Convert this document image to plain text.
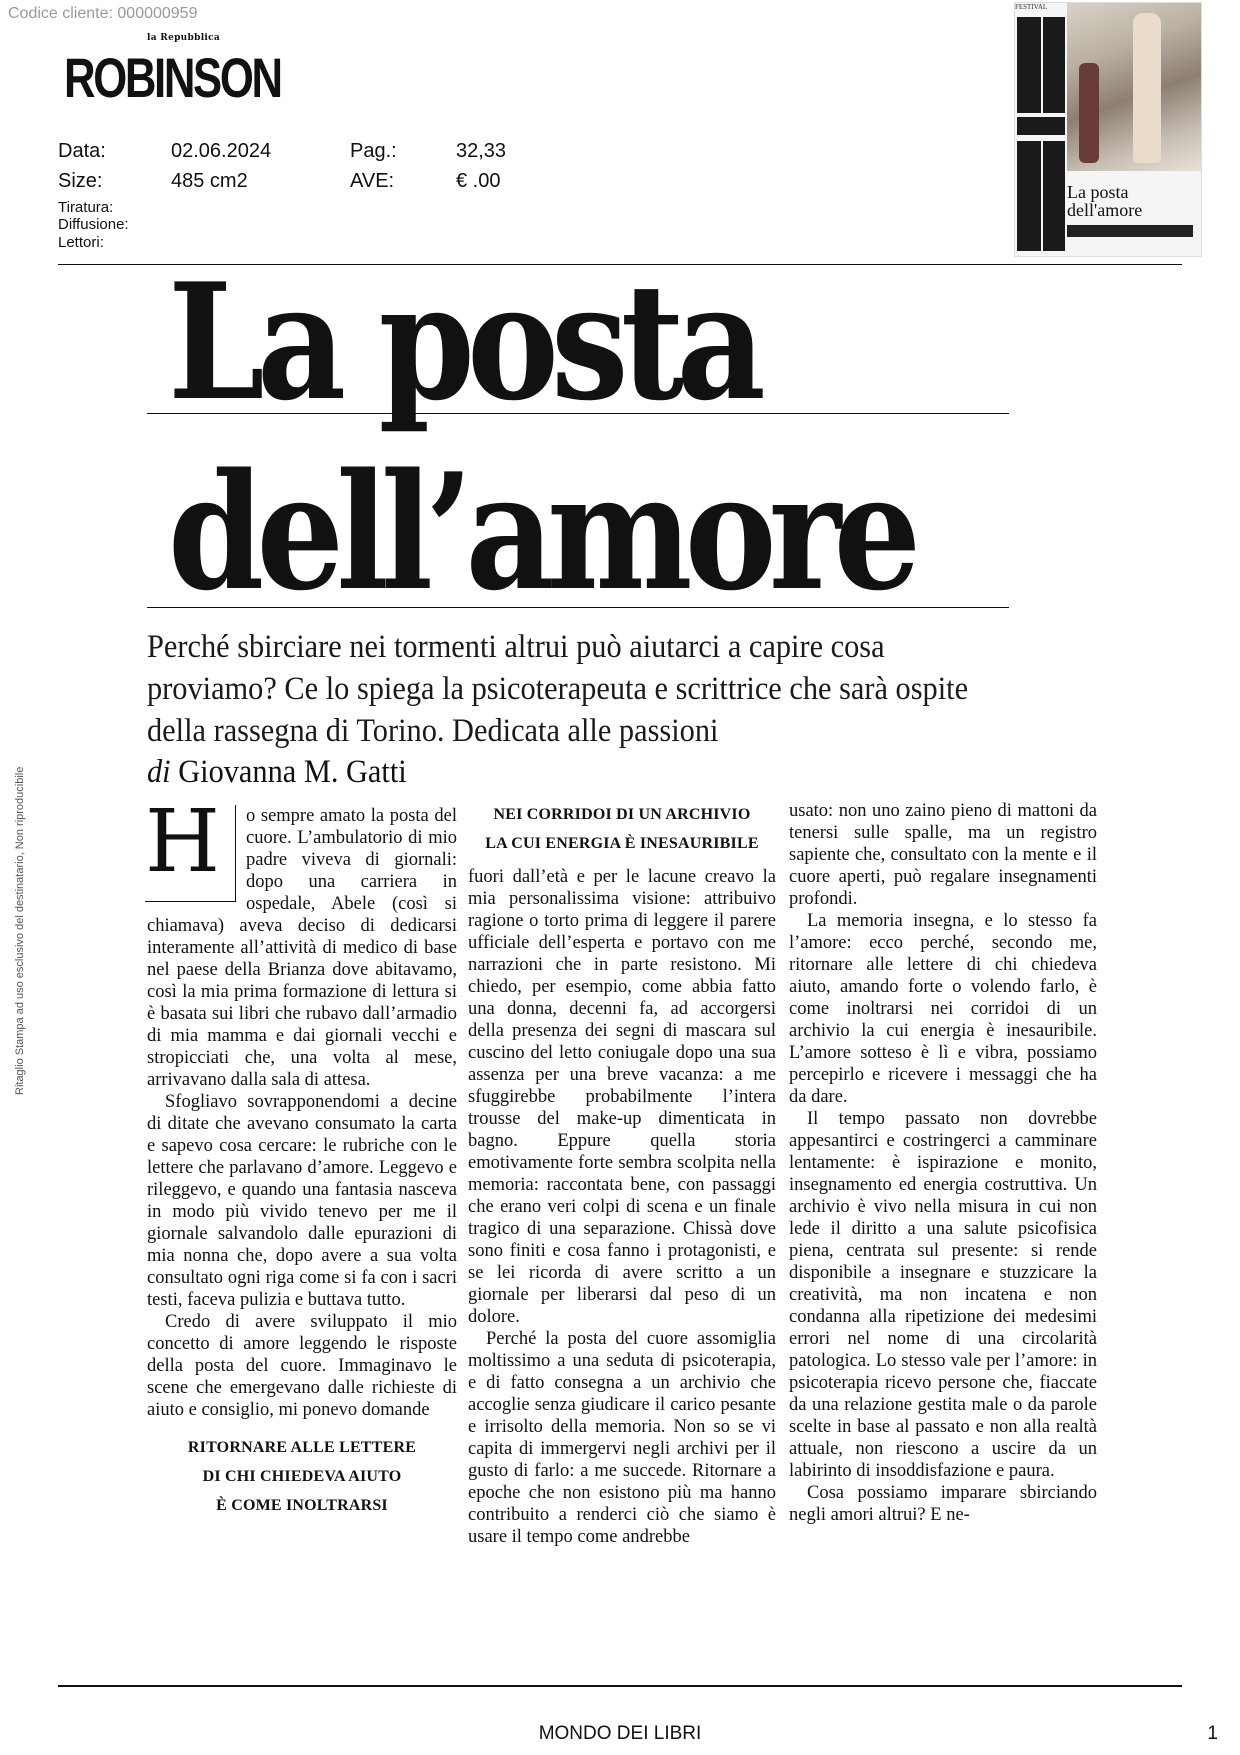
Codice cliente: 000000959
la Repubblica
ROBINSON
Data:	02.06.2024	Pag.:	32,33
Size:	485 cm2	AVE:	€ .00
Tiratura:
Diffusione:
Lettori:
FESTIVAL
La posta
dell'amore
La posta
dell’amore
Perché sbirciare nei tormenti altrui può aiutarci a capire cosa proviamo? Ce lo spiega la psicoterapeuta e scrittrice che sarà ospite della rassegna di Torino. Dedicata alle passioni
di Giovanna M. Gatti

H	o sempre amato la posta del cuore. L’ambulatorio di mio padre viveva di giornali: dopo una carriera in ospedale, Abele (così si chiamava) aveva deciso di dedicarsi interamente all’attività di medico di base nel paese della Brianza dove abitavamo, così la mia prima formazione di lettura si è basata sui libri che rubavo dall’armadio di mia mamma e dai giornali vecchi e stropicciati che, una volta al mese, arrivavano dalla sala di attesa.

Sfogliavo sovrapponendomi a decine di ditate che avevano consumato la carta e sapevo cosa cercare: le rubriche con le lettere che parlavano d’amore. Leggevo e rileggevo, e quando una fantasia nasceva in modo più vivido tenevo per me il giornale salvandolo dalle epurazioni di mia nonna che, dopo avere a sua volta consultato ogni riga come si fa con i sacri testi, faceva pulizia e buttava tutto.

Credo di avere sviluppato il mio concetto di amore leggendo le risposte della posta del cuore. Immaginavo le scene che emergevano dalle richieste di aiuto e consiglio, mi ponevo domande

RITORNARE ALLE LETTERE
DI CHI CHIEDEVA AIUTO
È COME INOLTRARSI
NEI CORRIDOI DI UN ARCHIVIO
LA CUI ENERGIA È INESAURIBILE

fuori dall’età e per le lacune creavo la mia personalissima visione: attribuivo ragione o torto prima di leggere il parere ufficiale dell’esperta e portavo con me narrazioni che in parte resistono. Mi chiedo, per esempio, come abbia fatto una donna, decenni fa, ad accorgersi della presenza dei segni di mascara sul cuscino del letto coniugale dopo una sua assenza per una breve vacanza: a me sfuggirebbe probabilmente l’intera trousse del make-up dimenticata in bagno. Eppure quella storia emotivamente forte sembra scolpita nella memoria: raccontata bene, con passaggi che erano veri colpi di scena e un finale tragico di una separazione. Chissà dove sono finiti e cosa fanno i protagonisti, e se lei ricorda di avere scritto a un giornale per liberarsi dal peso di un dolore.

Perché la posta del cuore assomiglia moltissimo a una seduta di psicoterapia, e di fatto consegna a un archivio che accoglie senza giudicare il carico pesante e irrisolto della memoria. Non so se vi capita di immergervi negli archivi per il gusto di farlo: a me succede. Ritornare a epoche che non esistono più ma hanno contribuito a renderci ciò che siamo è usare il tempo come andrebbe

usato: non uno zaino pieno di mattoni da tenersi sulle spalle, ma un registro sapiente che, consultato con la mente e il cuore aperti, può regalare insegnamenti profondi.

La memoria insegna, e lo stesso fa l’amore: ecco perché, secondo me, ritornare alle lettere di chi chiedeva aiuto, amando forte o volendo farlo, è come inoltrarsi nei corridoi di un archivio la cui energia è inesauribile. L’amore sotteso è lì e vibra, possiamo percepirlo e ricevere i messaggi che ha da dare.

Il tempo passato non dovrebbe appesantirci e costringerci a camminare lentamente: è ispirazione e monito, insegnamento ed energia costruttiva. Un archivio è vivo nella misura in cui non lede il diritto a una salute psicofisica piena, centrata sul presente: si rende disponibile a insegnare e stuzzicare la creatività, ma non incatena e non condanna alla ripetizione dei medesimi errori nel nome di una circolarità patologica. Lo stesso vale per l’amore: in psicoterapia ricevo persone che, fiaccate da una relazione gestita male o da parole scelte in base al passato e non alla realtà attuale, non riescono a uscire da un labirinto di insoddisfazione e paura.

Cosa possiamo imparare sbirciando negli amori altrui? E ne-

Ritaglio Stampa ad uso esclusivo del destinatario, Non riproducibile
MONDO DEI LIBRI	1
